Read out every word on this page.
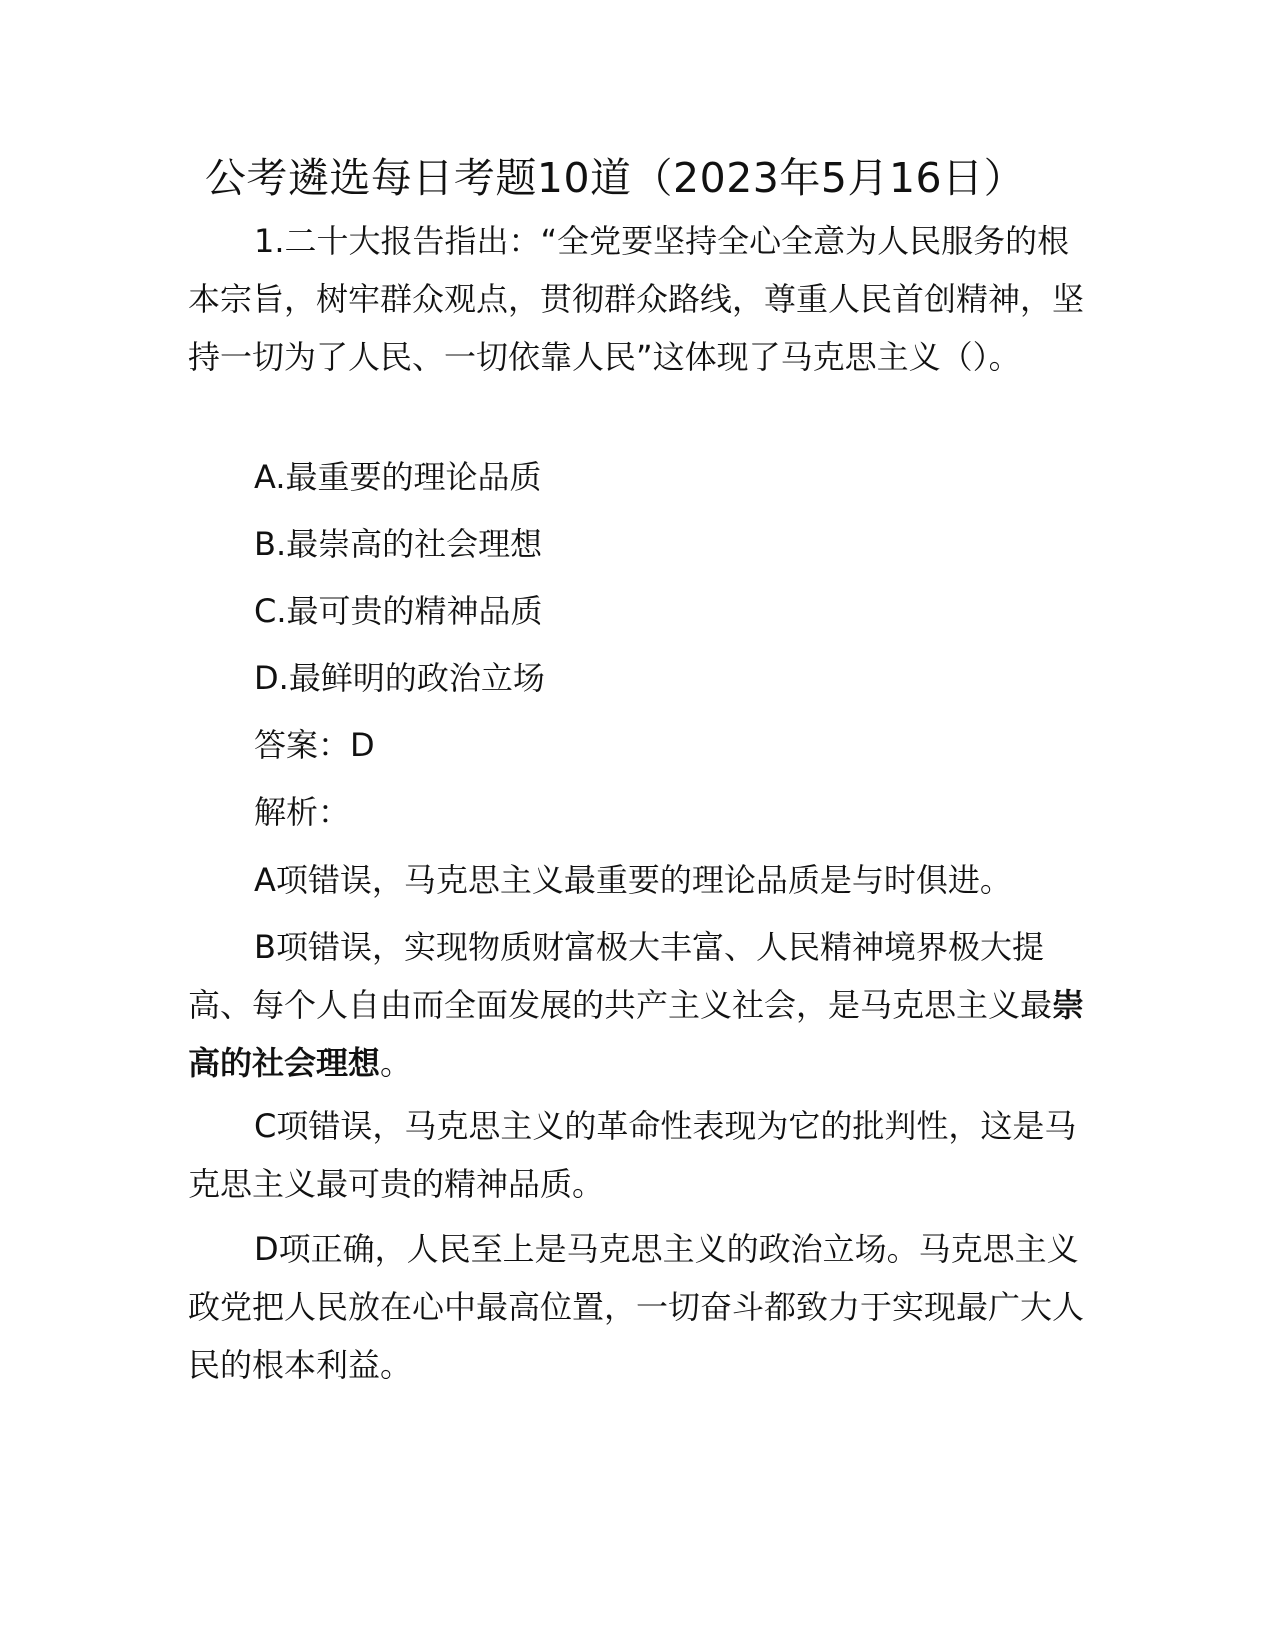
公考遴选每日考题10道（2023年5月16日）

1.二十大报告指出：“全党要坚持全心全意为人民服务的根本宗旨，树牢群众观点，贯彻群众路线，尊重人民首创精神，坚持一切为了人民、一切依靠人民”这体现了马克思主义（）。

A.最重要的理论品质

B.最崇高的社会理想

C.最可贵的精神品质

D.最鲜明的政治立场

答案：D

解析：

A项错误，马克思主义最重要的理论品质是与时俱进。

B项错误，实现物质财富极大丰富、人民精神境界极大提高、每个人自由而全面发展的共产主义社会，是马克思主义最崇高的社会理想。

C项错误，马克思主义的革命性表现为它的批判性，这是马克思主义最可贵的精神品质。

D项正确，人民至上是马克思主义的政治立场。马克思主义政党把人民放在心中最高位置，一切奋斗都致力于实现最广大人民的根本利益。
